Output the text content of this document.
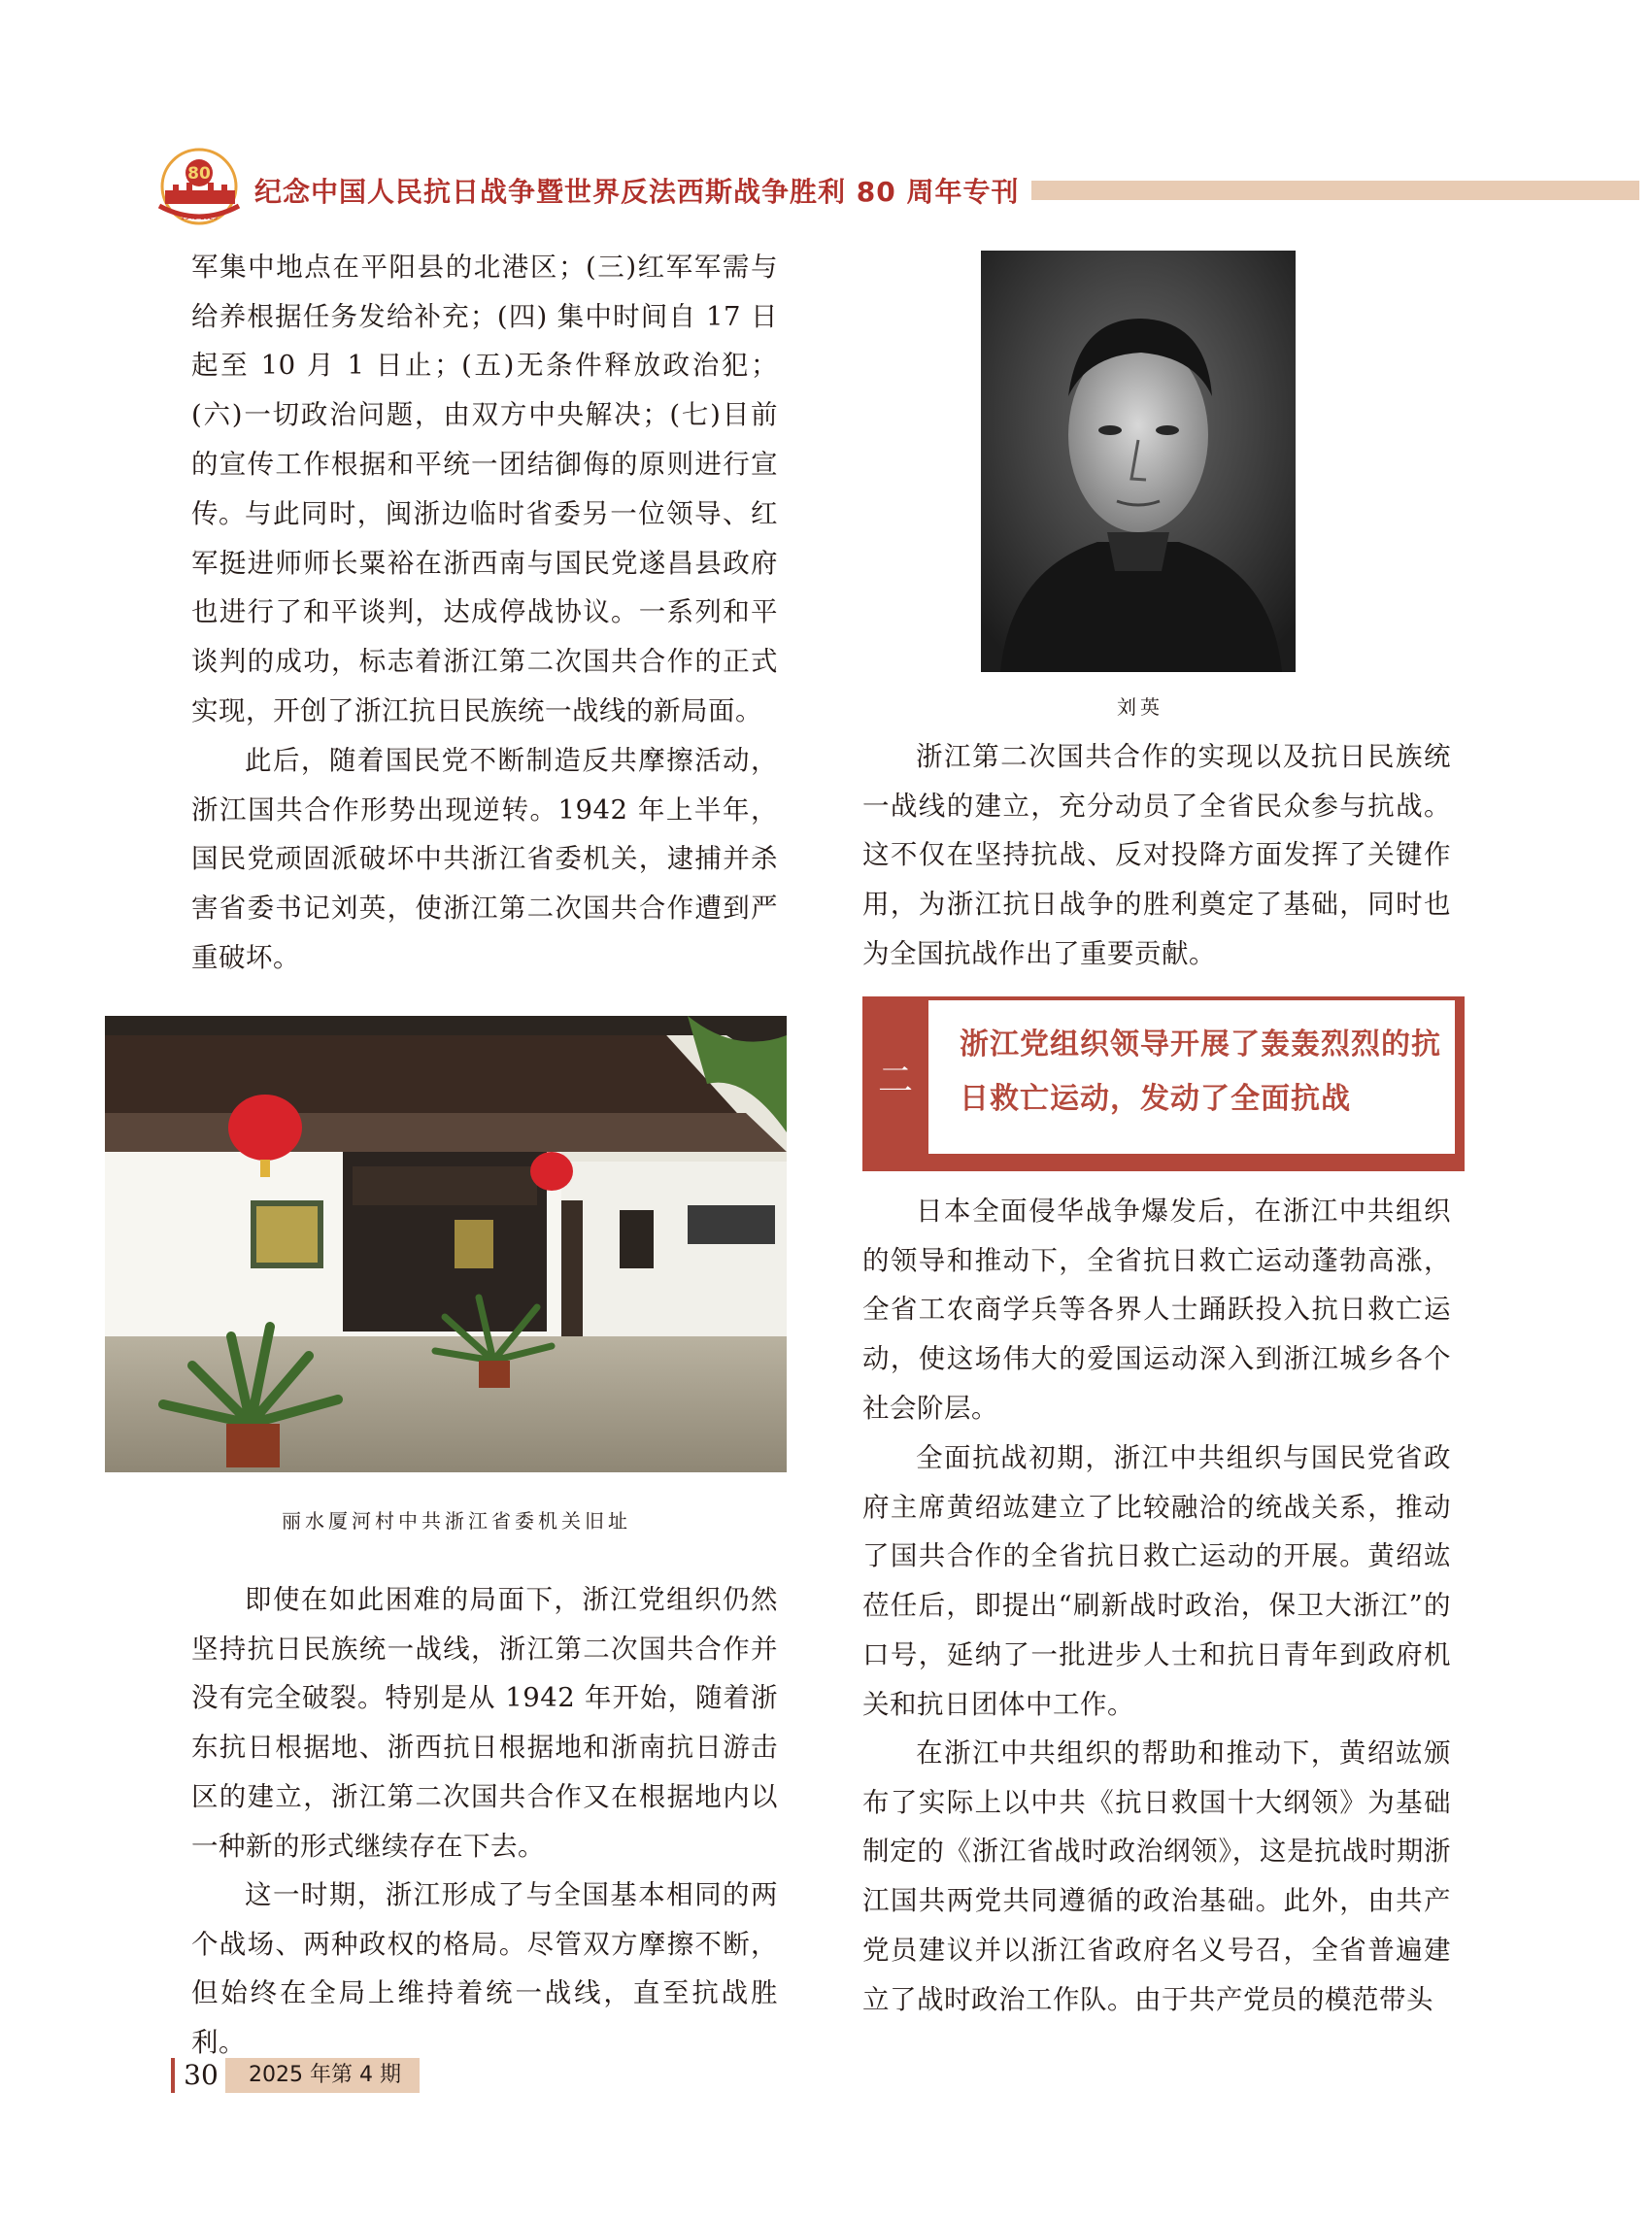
80
1945-2025
纪念中国人民抗日战争暨世界反法西斯战争胜利 80 周年专刊

军集中地点在平阳县的北港区；(三)红军军需与给养根据任务发给补充；(四) 集中时间自 17 日起至 10 月 1 日止；(五)无条件释放政治犯；(六)一切政治问题，由双方中央解决；(七)目前的宣传工作根据和平统一团结御侮的原则进行宣传。 与此同时，闽浙边临时省委另一位领导、红军挺进师师长粟裕在浙西南与国民党遂昌县政府也进行了和平谈判，达成停战协议。一系列和平谈判的成功，标志着浙江第二次国共合作的正式实现，开创了浙江抗日民族统一战线的新局面。

此后，随着国民党不断制造反共摩擦活动，浙江国共合作形势出现逆转。1942 年上半年，国民党顽固派破坏中共浙江省委机关，逮捕并杀害省委书记刘英，使浙江第二次国共合作遭到严重破坏。

丽水厦河村中共浙江省委机关旧址

即使在如此困难的局面下，浙江党组织仍然坚持抗日民族统一战线，浙江第二次国共合作并没有完全破裂。特别是从 1942 年开始，随着浙东抗日根据地、浙西抗日根据地和浙南抗日游击区的建立，浙江第二次国共合作又在根据地内以一种新的形式继续存在下去。

这一时期，浙江形成了与全国基本相同的两个战场、两种政权的格局。尽管双方摩擦不断，但始终在全局上维持着统一战线，直至抗战胜利。

刘英

浙江第二次国共合作的实现以及抗日民族统一战线的建立，充分动员了全省民众参与抗战。这不仅在坚持抗战、反对投降方面发挥了关键作用，为浙江抗日战争的胜利奠定了基础，同时也为全国抗战作出了重要贡献。

二

浙江党组织领导开展了轰轰烈烈的抗日救亡运动，发动了全面抗战

日本全面侵华战争爆发后，在浙江中共组织的领导和推动下，全省抗日救亡运动蓬勃高涨，全省工农商学兵等各界人士踊跃投入抗日救亡运动，使这场伟大的爱国运动深入到浙江城乡各个社会阶层。

全面抗战初期，浙江中共组织与国民党省政府主席黄绍竑建立了比较融洽的统战关系，推动了国共合作的全省抗日救亡运动的开展。黄绍竑莅任后，即提出“刷新战时政治，保卫大浙江”的口号，延纳了一批进步人士和抗日青年到政府机关和抗日团体中工作。

在浙江中共组织的帮助和推动下，黄绍竑颁布了实际上以中共《抗日救国十大纲领》为基础制定的《浙江省战时政治纲领》，这是抗战时期浙江国共两党共同遵循的政治基础。此外，由共产党员建议并以浙江省政府名义号召，全省普遍建立了战时政治工作队。由于共产党员的模范带头

30	2025 年第 4 期
